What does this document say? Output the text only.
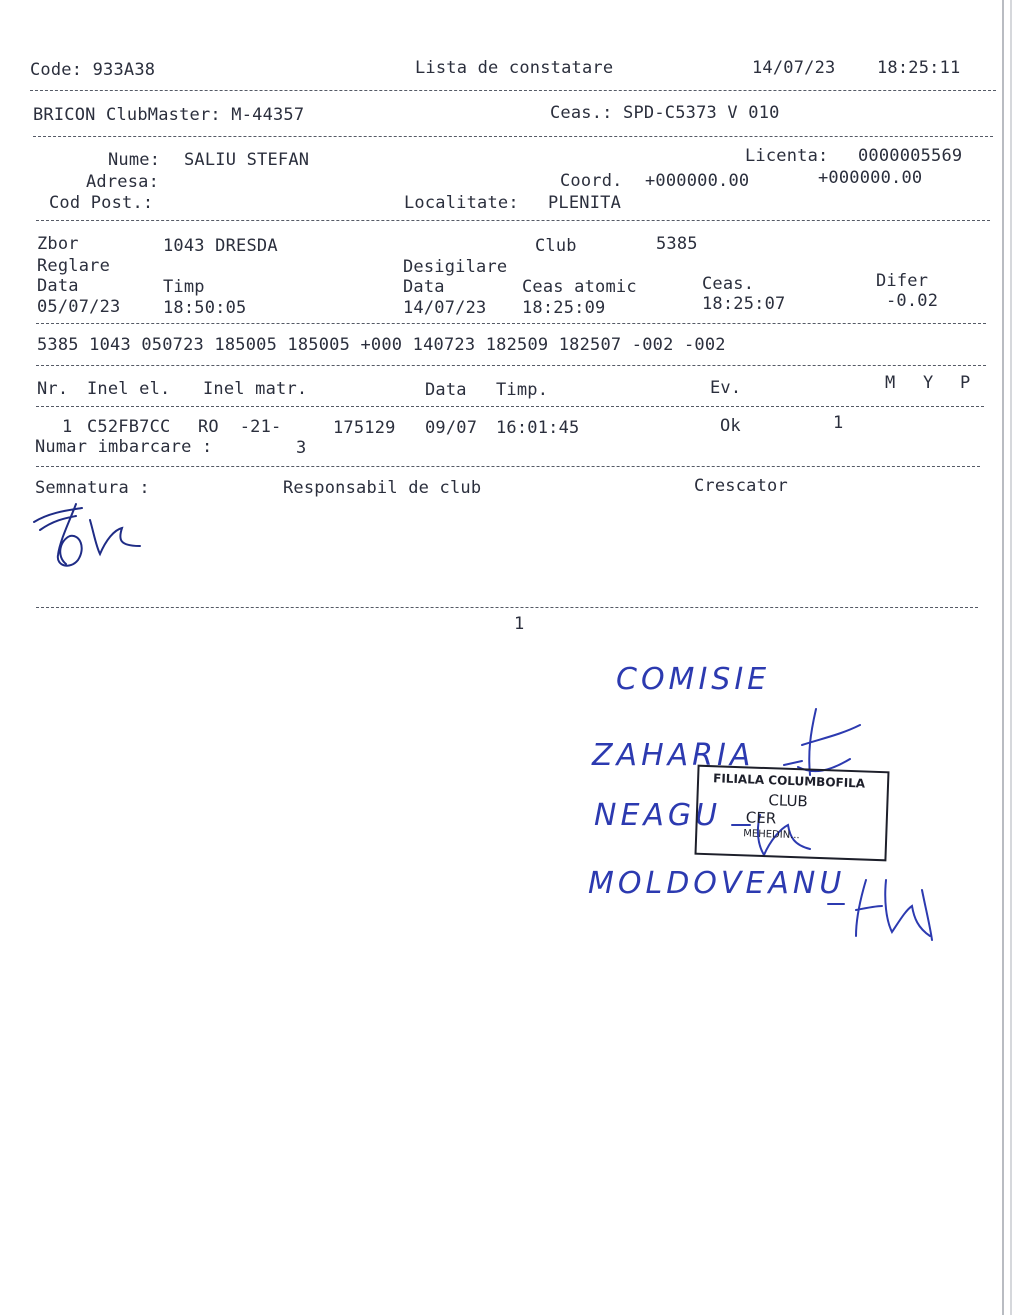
Code: 933A38	Lista de constatare	14/07/23 18:25:11
BRICON ClubMaster: M-44357	Ceas.: SPD-C5373 V 010
Nume: SALIU STEFAN	Licenta: 0000005569
Adresa:	Coord. +000000.00	+000000.00
Cod Post.:	Localitate: PLENITA
Zbor	1043 DRESDA	Club	5385
Reglare	Desigilare
Data	Timp	Data	Ceas atomic	Ceas.	Difer
05/07/23	18:50:05	14/07/23 18:25:09	18:25:07	-0.02
5385 1043 050723 185005 185005 +000 140723 182509 182507 -002 -002
Nr. Inel el. Inel matr.	Data Timp.	Ev.	M Y P
1 C52FB7CC RO  -21-	175129 09/07 16:01:45	Ok	1
Numar imbarcare :	3
Semnatura :	Responsabil de club	Crescator
1
COMISIE
ZAHARIA
NEAGU
MOLDOVEANU
FILIALA COLUMBOFILA
CLUB
CER
MEHEDIN...
